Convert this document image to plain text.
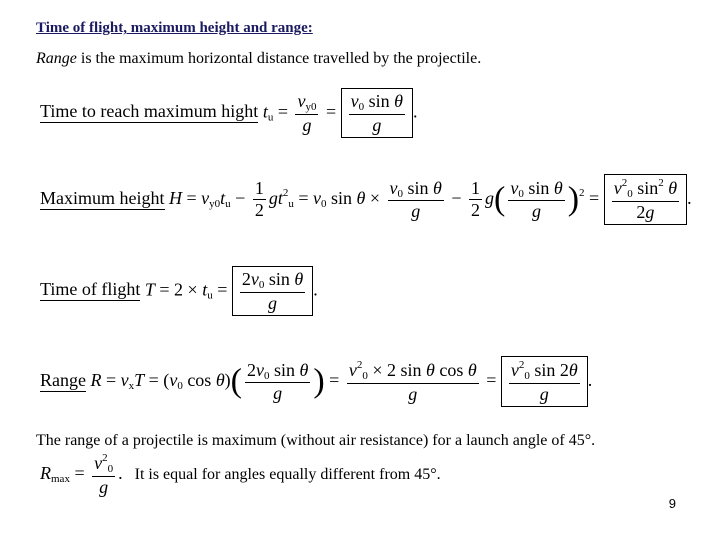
Time of flight, maximum height and range:
Range is the maximum horizontal distance travelled by the projectile.
Time to reach maximum hight $t_u = \frac{v_{y0}}{g} = \frac{v_0 \sin \theta}{g}$ .
Maximum height $H = v_{y0}t_u - \frac{1}{2} gt^2_u = v_0$ $\sin \theta \times \frac{v_0 \sin \theta}{g} - \frac{1}{2} g( \frac{v_0 \sin \theta}{g} )^2 = \frac{v^2_0 \sin^2 \theta}{2g}$ .
Time of flight $T = 2 \times t_u = \frac{2v_0 \sin \theta}{g}$ .
Range $R = v_xT = (v_0$ $\cos \theta)( \frac{2v_0 \sin \theta}{g}$ ) = $\frac{v^2_0 \times 2 \sin \theta \cos \theta}{g} = \frac{v^2_0 \sin 2\theta}{g}$ .
The range of a projectile is maximum (without air resistance) for a launch angle of 45°.
$R_{max} = \frac{v^2_0}{g}$ . It is equal for angles equally different from 45°.
9
